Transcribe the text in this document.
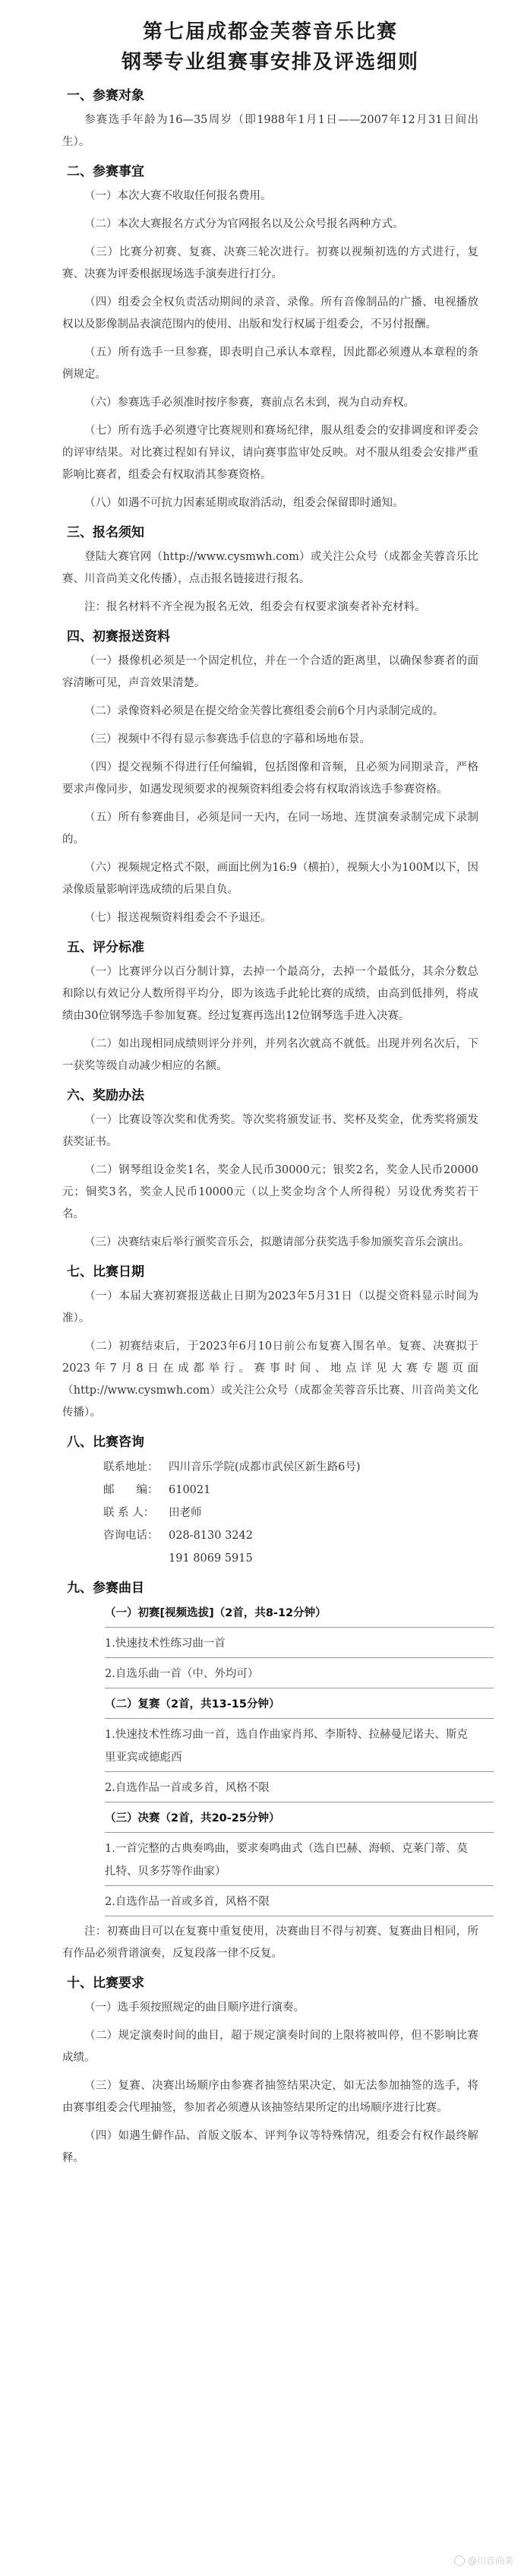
第七届成都金芙蓉音乐比赛
钢琴专业组赛事安排及评选细则
一、参赛对象

参赛选手年龄为16—35周岁（即1988年1月1日——2007年12月31日间出生）。

二、参赛事宜

（一）本次大赛不收取任何报名费用。

（二）本次大赛报名方式分为官网报名以及公众号报名两种方式。

（三）比赛分初赛、复赛、决赛三轮次进行。初赛以视频初选的方式进行，复赛、决赛为评委根据现场选手演奏进行打分。

（四）组委会全权负责活动期间的录音、录像。所有音像制品的广播、电视播放权以及影像制品表演范围内的使用、出版和发行权属于组委会，不另付报酬。

（五）所有选手一旦参赛，即表明自己承认本章程，因此都必须遵从本章程的条例规定。

（六）参赛选手必须准时按序参赛，赛前点名未到，视为自动弃权。

（七）所有选手必须遵守比赛规则和赛场纪律，服从组委会的安排调度和评委会的评审结果。对比赛过程如有异议，请向赛事监审处反映。对不服从组委会安排严重影响比赛者，组委会有权取消其参赛资格。

（八）如遇不可抗力因素延期或取消活动，组委会保留即时通知。

三、报名须知

登陆大赛官网（http://www.cysmwh.com）或关注公众号（成都金芙蓉音乐比赛、川音尚美文化传播），点击报名链接进行报名。

注：报名材料不齐全视为报名无效，组委会有权要求演奏者补充材料。

四、初赛报送资料

（一）摄像机必须是一个固定机位，并在一个合适的距离里，以确保参赛者的面容清晰可见，声音效果清楚。

（二）录像资料必须是在提交给金芙蓉比赛组委会前6个月内录制完成的。

（三）视频中不得有显示参赛选手信息的字幕和场地布景。

（四）提交视频不得进行任何编辑，包括图像和音频，且必须为同期录音，严格要求声像同步，如遇发现须要求的视频资料组委会将有权取消该选手参赛资格。

（五）所有参赛曲目，必须是同一天内，在同一场地、连贯演奏录制完成下录制的。

（六）视频规定格式不限，画面比例为16:9（横拍），视频大小为100M以下，因录像质量影响评选成绩的后果自负。

（七）报送视频资料组委会不予退还。

五、评分标准

（一）比赛评分以百分制计算，去掉一个最高分，去掉一个最低分，其余分数总和除以有效记分人数所得平均分，即为该选手此轮比赛的成绩，由高到低排列，将成绩由30位钢琴选手参加复赛。经过复赛再选出12位钢琴选手进入决赛。

（二）如出现相同成绩则评分并列，并列名次就高不就低。出现并列名次后，下一获奖等级自动减少相应的名额。

六、奖励办法

（一）比赛设等次奖和优秀奖。等次奖将颁发证书、奖杯及奖金，优秀奖将颁发获奖证书。

（二）钢琴组设金奖1名，奖金人民币30000元；银奖2名，奖金人民币20000元；铜奖3名，奖金人民币10000元（以上奖金均含个人所得税）另设优秀奖若干名。

（三）决赛结束后举行颁奖音乐会，拟邀请部分获奖选手参加颁奖音乐会演出。

七、比赛日期

（一）本届大赛初赛报送截止日期为2023年5月31日（以提交资料显示时间为准）。

（二）初赛结束后，于2023年6月10日前公布复赛入围名单。复赛、决赛拟于2023年7月8日在成都举行。赛事时间、地点详见大赛专题页面（http://www.cysmwh.com）或关注公众号（成都金芙蓉音乐比赛、川音尚美文化传播）。

八、比赛咨询
联系地址： 四川音乐学院(成都市武侯区新生路6号)
邮　　编： 610021
联 系 人： 田老师
咨询电话： 028-8130 3242
191 8069 5915
九、参赛曲目
（一）初赛[视频选拔]（2首，共8-12分钟）
1.快速技术性练习曲一首
2.自选乐曲一首（中、外均可）
（二）复赛（2首，共13-15分钟）
1.快速技术性练习曲一首，选自作曲家肖邦、李斯特、拉赫曼尼诺夫、斯克里亚宾或德彪西
2.自选作品一首或多首，风格不限
（三）决赛（2首，共20-25分钟）
1.一首完整的古典奏鸣曲，要求奏鸣曲式（选自巴赫、海顿、克莱门蒂、莫扎特、贝多芬等作曲家）
2.自选作品一首或多首，风格不限

注：初赛曲目可以在复赛中重复使用，决赛曲目不得与初赛、复赛曲目相同，所有作品必须背谱演奏，反复段落一律不反复。

十、比赛要求

（一）选手须按照规定的曲目顺序进行演奏。

（二）规定演奏时间的曲目，超于规定演奏时间的上限将被叫停，但不影响比赛成绩。

（三）复赛、决赛出场顺序由参赛者抽签结果决定，如无法参加抽签的选手，将由赛事组委会代理抽签，参加者必须遵从该抽签结果所定的出场顺序进行比赛。

（四）如遇生僻作品、首版文版本、评判争议等特殊情况，组委会有权作最终解释。

@川音尚美
